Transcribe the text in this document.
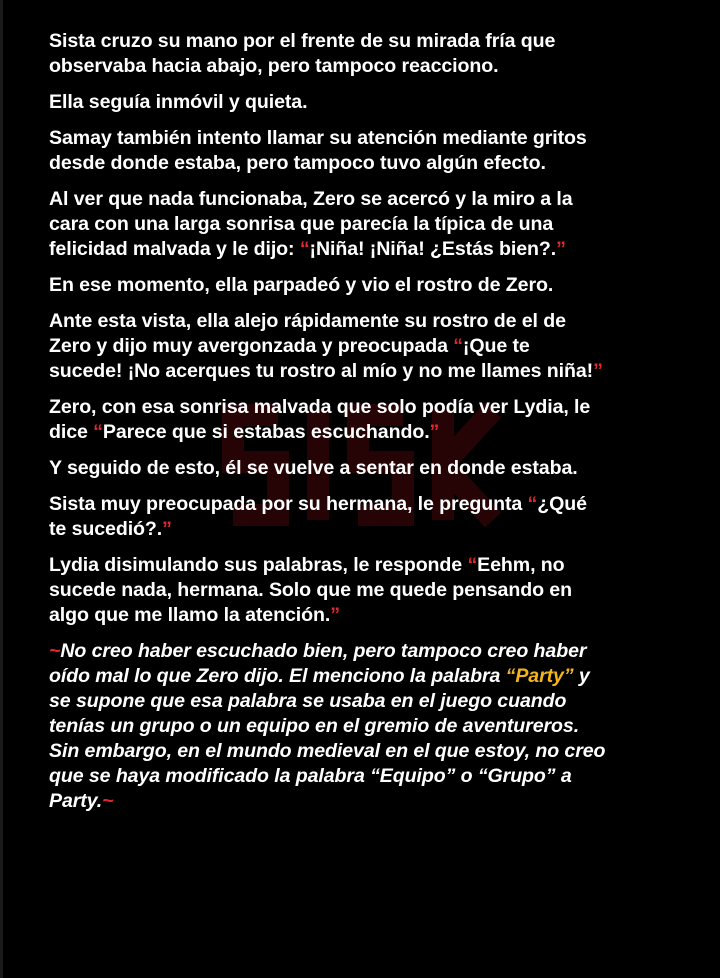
Sista cruzo su mano por el frente de su mirada fría que
observaba hacia abajo, pero tampoco reacciono.
Ella seguía inmóvil y quieta.
Samay también intento llamar su atención mediante gritos
desde donde estaba, pero tampoco tuvo algún efecto.
Al ver que nada funcionaba, Zero se acercó y la miro a la
cara con una larga sonrisa que parecía la típica de una
felicidad malvada y le dijo: “¡Niña! ¡Niña! ¿Estás bien?.”
En ese momento, ella parpadeó y vio el rostro de Zero.
Ante esta vista, ella alejo rápidamente su rostro de el de
Zero y dijo muy avergonzada y preocupada “¡Que te
sucede! ¡No acerques tu rostro al mío y no me llames niña!”
Zero, con esa sonrisa malvada que solo podía ver Lydia, le
dice “Parece que si estabas escuchando.”
Y seguido de esto, él se vuelve a sentar en donde estaba.
Sista muy preocupada por su hermana, le pregunta “¿Qué
te sucedió?.”
Lydia disimulando sus palabras, le responde “Eehm, no
sucede nada, hermana. Solo que me quede pensando en
algo que me llamo la atención.”
~No creo haber escuchado bien, pero tampoco creo haber
oído mal lo que Zero dijo. El menciono la palabra “Party” y
se supone que esa palabra se usaba en el juego cuando
tenías un grupo o un equipo en el gremio de aventureros.
Sin embargo, en el mundo medieval en el que estoy, no creo
que se haya modificado la palabra “Equipo” o “Grupo” a
Party.~
